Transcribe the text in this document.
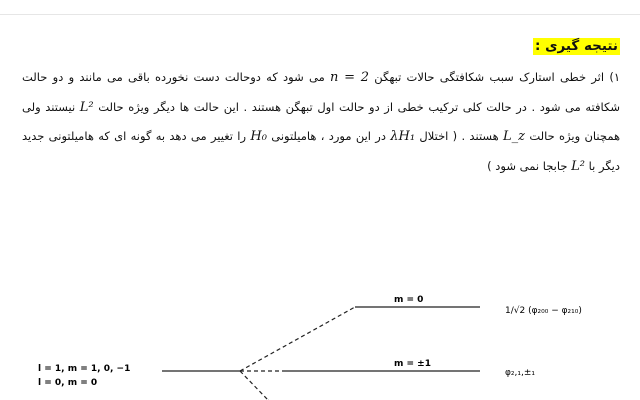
نتیجه گیری :
۱) اثر خطی استارک سبب شکافتگی حالات تبهگن n = 2 می شود که دوحالت دست نخورده باقی می مانند و دو حالت شکافته می شود . در حالت کلی ترکیب خطی از دو حالت اول تبهگن هستند . این حالت ها دیگر ویژه حالت L² نیستند ولی همچنان ویژه حالت L_z هستند . ( اختلال λH₁ در این مورد ، هامیلتونی H₀ را تغییر می دهد به گونه ای که هامیلتونی جدید دیگر با L² جابجا نمی شود )
m = 0
m = ±1
l = 1, m = 1, 0, −1
l = 0, m = 0
1/√2 (φ₂₀₀ − φ₂₁₀)
φ₂,₁,±₁
